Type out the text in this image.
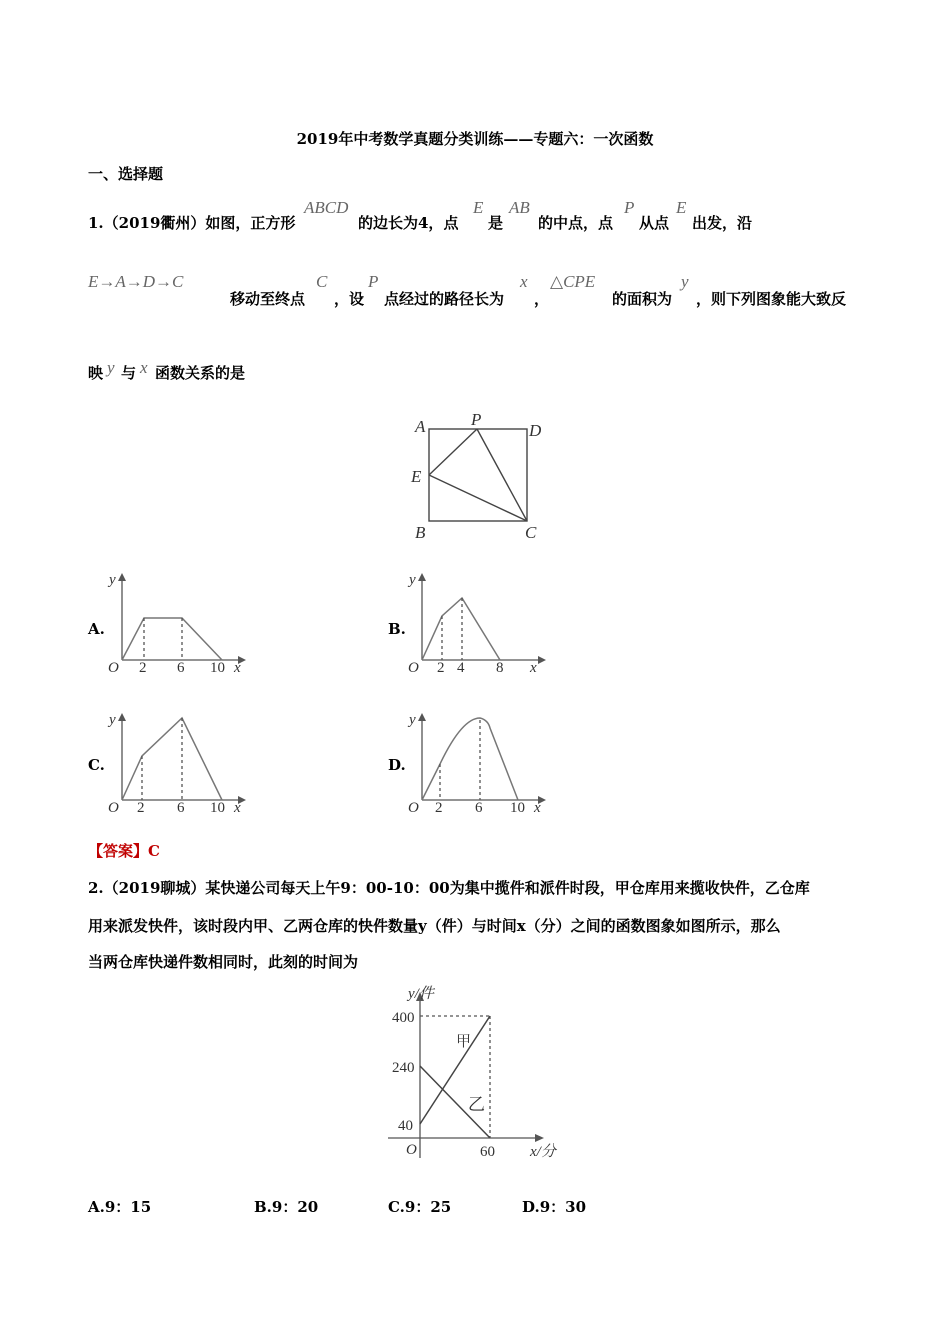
2019年中考数学真题分类训练——专题六：一次函数
一、选择题
1.（2019衢州）如图，正方形
ABCD
的边长为4，点
E
是
AB
的中点，点
P
从点
E
出发，沿
E→A→D→C
移动至终点
C
，设
P
点经过的路径长为
x
，
△CPE
的面积为
y
，则下列图象能大致反
映 y 与 x 函数关系的是
A	P
D
E
B	C
A.
y
O	x
2 6 10
B.
y
O	x
2 4 8
C.
y
O	x
2 6 10
D.
y
O	x
2 6 10
【答案】C
2.（2019聊城）某快递公司每天上午9：00-10：00为集中揽件和派件时段，甲仓库用来揽收快件，乙仓库
用来派发快件，该时段内甲、乙两仓库的快件数量y（件）与时间x（分）之间的函数图象如图所示，那么
当两仓库快递件数相同时，此刻的时间为
y/件
400
240
40
O	60 x/分
甲
乙
A.9：15	B.9：20	C.9：25	D.9：30
